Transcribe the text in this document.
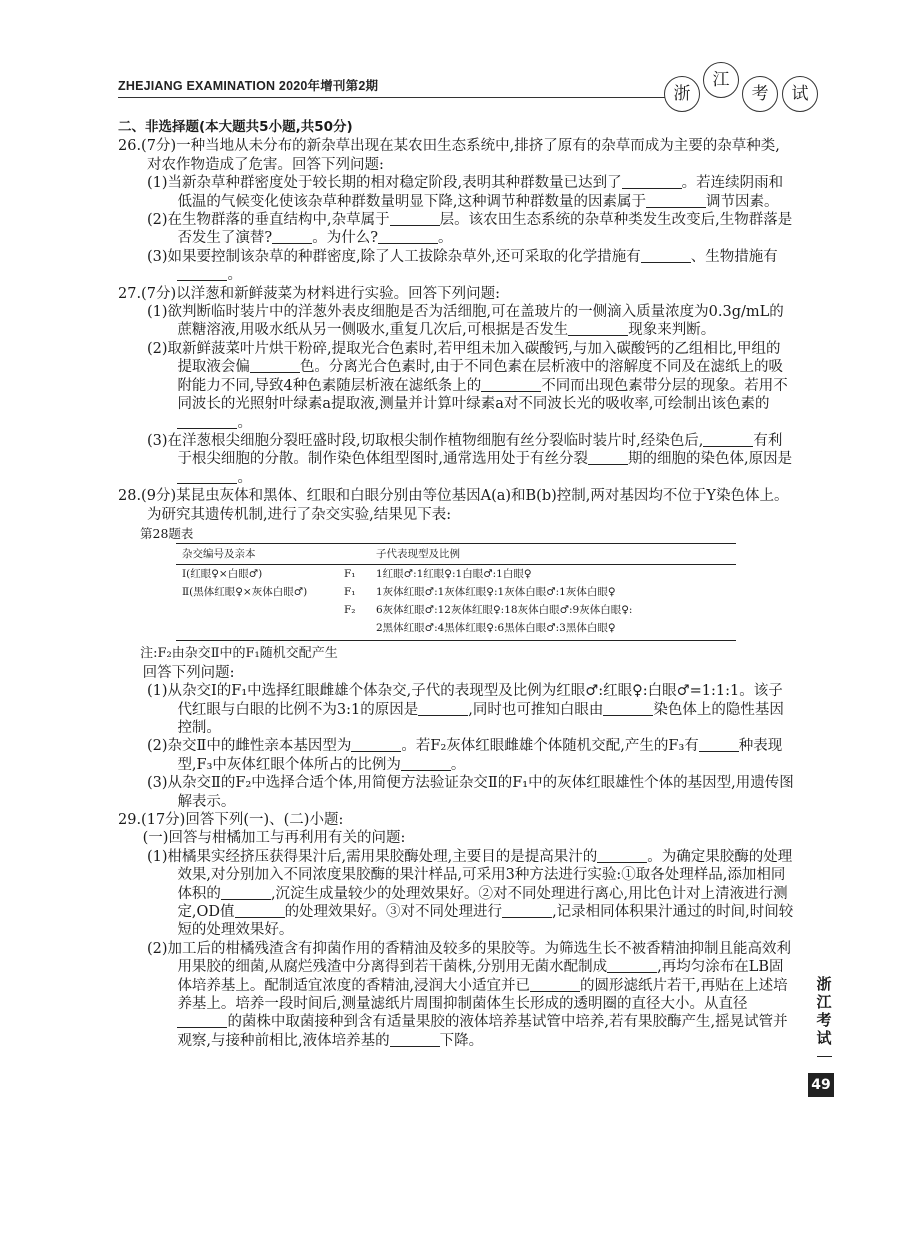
ZHEJIANG EXAMINATION 2020年增刊第2期	浙
江
考	试
二、非选择题(本大题共5小题,共50分)
26.(7分)一种当地从未分布的新杂草出现在某农田生态系统中,排挤了原有的杂草而成为主要的杂草种类,对农作物造成了危害。回答下列问题:
(1)当新杂草种群密度处于较长期的相对稳定阶段,表明其种群数量已达到了	。若连续阴雨和低温的气候变化使该杂草种群数量明显下降,这种调节种群数量的因素属于	调节因素。
(2)在生物群落的垂直结构中,杂草属于	层。该农田生态系统的杂草种类发生改变后,生物群落是否发生了演替?	。为什么?	。
(3)如果要控制该杂草的种群密度,除了人工拔除杂草外,还可采取的化学措施有	、生物措施有。
27.(7分)以洋葱和新鲜菠菜为材料进行实验。回答下列问题:
(1)欲判断临时装片中的洋葱外表皮细胞是否为活细胞,可在盖玻片的一侧滴入质量浓度为0.3g/mL的蔗糖溶液,用吸水纸从另一侧吸水,重复几次后,可根据是否发生	现象来判断。
(2)取新鲜菠菜叶片烘干粉碎,提取光合色素时,若甲组未加入碳酸钙,与加入碳酸钙的乙组相比,甲组的提取液会偏	色。分离光合色素时,由于不同色素在层析液中的溶解度不同及在滤纸上的吸附能力不同,导致4种色素随层析液在滤纸条上的	不同而出现色素带分层的现象。若用不同波长的光照射叶绿素a提取液,测量并计算叶绿素a对不同波长光的吸收率,可绘制出该色素的。
(3)在洋葱根尖细胞分裂旺盛时段,切取根尖制作植物细胞有丝分裂临时装片时,经染色后,	有利于根尖细胞的分散。制作染色体组型图时,通常选用处于有丝分裂	期的细胞的染色体,原因是。
28.(9分)某昆虫灰体和黑体、红眼和白眼分别由等位基因A(a)和B(b)控制,两对基因均不位于Y染色体上。为研究其遗传机制,进行了杂交实验,结果见下表:
第28题表
杂交编号及亲本		子代表现型及比例
Ⅰ(红眼♀×白眼♂)	F₁	1红眼♂:1红眼♀:1白眼♂:1白眼♀
Ⅱ(黑体红眼♀×灰体白眼♂)	F₁	1灰体红眼♂:1灰体红眼♀:1灰体白眼♂:1灰体白眼♀
	F₂	6灰体红眼♂:12灰体红眼♀:18灰体白眼♂:9灰体白眼♀:
		2黑体红眼♂:4黑体红眼♀:6黑体白眼♂:3黑体白眼♀
注:F₂由杂交Ⅱ中的F₁随机交配产生
回答下列问题:
(1)从杂交Ⅰ的F₁中选择红眼雌雄个体杂交,子代的表现型及比例为红眼♂:红眼♀:白眼♂=1:1:1。该子代红眼与白眼的比例不为3:1的原因是	,同时也可推知白眼由	染色体上的隐性基因控制。
(2)杂交Ⅱ中的雌性亲本基因型为	。若F₂灰体红眼雌雄个体随机交配,产生的F₃有	种表现型,F₃中灰体红眼个体所占的比例为	。
(3)从杂交Ⅱ的F₂中选择合适个体,用简便方法验证杂交Ⅱ的F₁中的灰体红眼雄性个体的基因型,用遗传图解表示。
29.(17分)回答下列(一)、(二)小题:
(一)回答与柑橘加工与再利用有关的问题:
(1)柑橘果实经挤压获得果汁后,需用果胶酶处理,主要目的是提高果汁的	。为确定果胶酶的处理效果,对分别加入不同浓度果胶酶的果汁样品,可采用3种方法进行实验:①取各处理样品,添加相同体积的	,沉淀生成量较少的处理效果好。②对不同处理进行离心,用比色计对上清液进行测定,OD值	的处理效果好。③对不同处理进行	,记录相同体积果汁通过的时间,时间较短的处理效果好。
(2)加工后的柑橘残渣含有抑菌作用的香精油及较多的果胶等。为筛选生长不被香精油抑制且能高效利用果胶的细菌,从腐烂残渣中分离得到若干菌株,分别用无菌水配制成	,再均匀涂布在LB固体培养基上。配制适宜浓度的香精油,浸润大小适宜并已	的圆形滤纸片若干,再贴在上述培养基上。培养一段时间后,测量滤纸片周围抑制菌体生长形成的透明圈的直径大小。从直径的菌株中取菌接种到含有适量果胶的液体培养基试管中培养,若有果胶酶产生,摇晃试管并观察,与接种前相比,液体培养基的	下降。
浙江考试
49
